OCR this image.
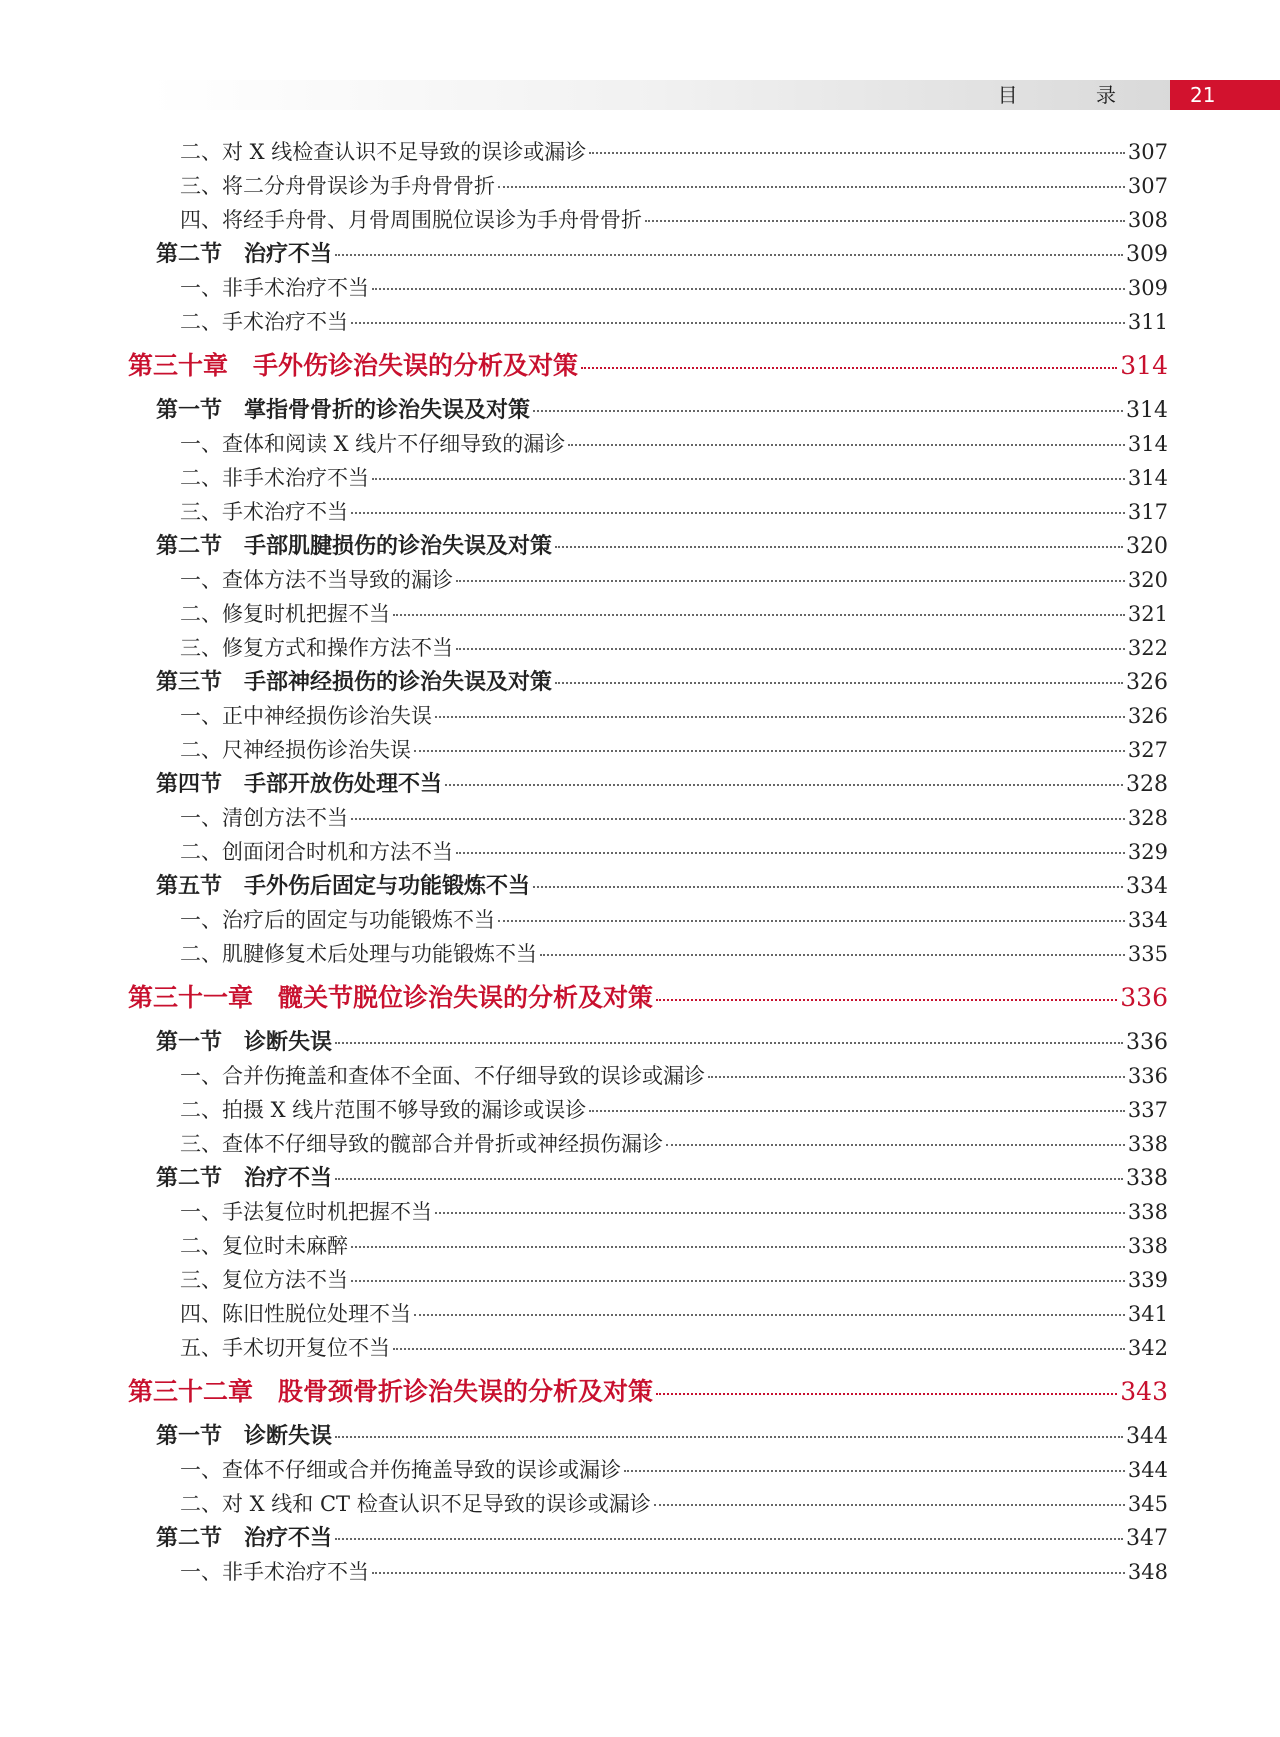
目 录	21
二、对 X 线检查认识不足导致的误诊或漏诊	307
三、将二分舟骨误诊为手舟骨骨折	307
四、将经手舟骨、月骨周围脱位误诊为手舟骨骨折	308
第二节　治疗不当	309
一、非手术治疗不当	309
二、手术治疗不当	311
第三十章　手外伤诊治失误的分析及对策	314
第一节　掌指骨骨折的诊治失误及对策	314
一、查体和阅读 X 线片不仔细导致的漏诊	314
二、非手术治疗不当	314
三、手术治疗不当	317
第二节　手部肌腱损伤的诊治失误及对策	320
一、查体方法不当导致的漏诊	320
二、修复时机把握不当	321
三、修复方式和操作方法不当	322
第三节　手部神经损伤的诊治失误及对策	326
一、正中神经损伤诊治失误	326
二、尺神经损伤诊治失误	327
第四节　手部开放伤处理不当	328
一、清创方法不当	328
二、创面闭合时机和方法不当	329
第五节　手外伤后固定与功能锻炼不当	334
一、治疗后的固定与功能锻炼不当	334
二、肌腱修复术后处理与功能锻炼不当	335
第三十一章　髋关节脱位诊治失误的分析及对策	336
第一节　诊断失误	336
一、合并伤掩盖和查体不全面、不仔细导致的误诊或漏诊	336
二、拍摄 X 线片范围不够导致的漏诊或误诊	337
三、查体不仔细导致的髋部合并骨折或神经损伤漏诊	338
第二节　治疗不当	338
一、手法复位时机把握不当	338
二、复位时未麻醉	338
三、复位方法不当	339
四、陈旧性脱位处理不当	341
五、手术切开复位不当	342
第三十二章　股骨颈骨折诊治失误的分析及对策	343
第一节　诊断失误	344
一、查体不仔细或合并伤掩盖导致的误诊或漏诊	344
二、对 X 线和 CT 检查认识不足导致的误诊或漏诊	345
第二节　治疗不当	347
一、非手术治疗不当	348
